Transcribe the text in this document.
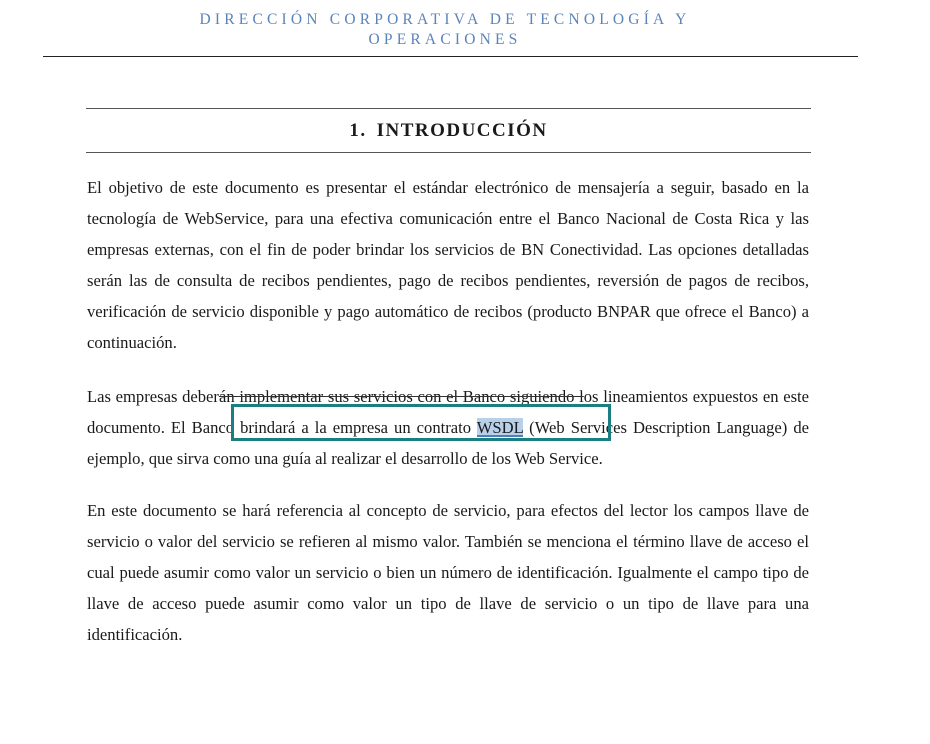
DIRECCIÓN CORPORATIVA DE TECNOLOGÍA Y
OPERACIONES
1. INTRODUCCIÓN

El objetivo de este documento es presentar el estándar electrónico de mensajería a seguir, basado en la tecnología de WebService, para una efectiva comunicación entre el Banco Nacional de Costa Rica y las empresas externas, con el fin de poder brindar los servicios de BN Conectividad. Las opciones detalladas serán las de consulta de recibos pendientes, pago de recibos pendientes, reversión de pagos de recibos, verificación de servicio disponible y pago automático de recibos (producto BNPAR que ofrece el Banco) a continuación.

Las empresas deberán implementar sus servicios con el Banco siguiendo los lineamientos expuestos en este documento. El Banco brindará a la empresa un contrato WSDL (Web Services Description Language) de ejemplo, que sirva como una guía al realizar el desarrollo de los Web Service.

En este documento se hará referencia al concepto de servicio, para efectos del lector los campos llave de servicio o valor del servicio se refieren al mismo valor. También se menciona el término llave de acceso el cual puede asumir como valor un servicio o bien un número de identificación. Igualmente el campo tipo de llave de acceso puede asumir como valor un tipo de llave de servicio o un tipo de llave para una identificación.
